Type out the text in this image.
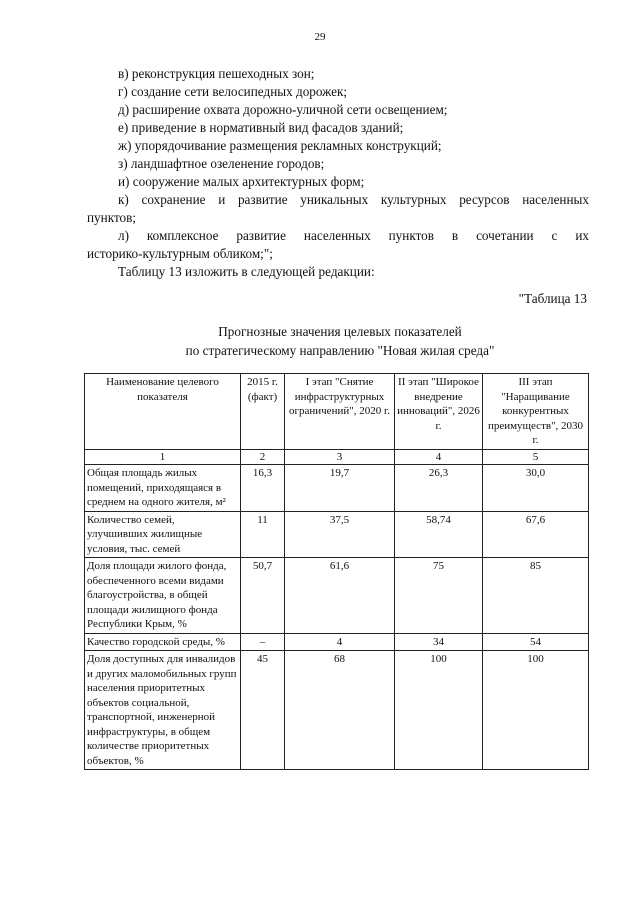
29
в) реконструкция пешеходных зон;
г) создание сети велосипедных дорожек;
д) расширение охвата дорожно-уличной сети освещением;
е) приведение в нормативный вид фасадов зданий;
ж) упорядочивание размещения рекламных конструкций;
з) ландшафтное озеленение городов;
и) сооружение малых архитектурных форм;
к) сохранение и развитие уникальных культурных ресурсов населенных
пунктов;
л) комплексное развитие населенных пунктов в сочетании с их
историко-культурным обликом;";
Таблицу 13 изложить в следующей редакции:
"Таблица 13
Прогнозные значения целевых показателей
по стратегическому направлению "Новая жилая среда"
Наименование целевого показателя	2015 г. (факт)	I этап "Снятие инфраструктурных ограничений", 2020 г.	II этап "Широкое внедрение инноваций", 2026 г.	III этап "Наращивание конкурентных преимуществ", 2030 г.
1	2	3	4	5
Общая площадь жилых помещений, приходящаяся в среднем на одного жителя, м²	16,3	19,7	26,3	30,0
Количество семей, улучшивших жилищные условия, тыс. семей	11	37,5	58,74	67,6
Доля площади жилого фонда, обеспеченного всеми видами благоустройства, в общей площади жилищного фонда Республики Крым, %	50,7	61,6	75	85
Качество городской среды, %	–	4	34	54
Доля доступных для инвалидов и других маломобильных групп населения приоритетных объектов социальной, транспортной, инженерной инфраструктуры, в общем количестве приоритетных объектов, %	45	68	100	100
